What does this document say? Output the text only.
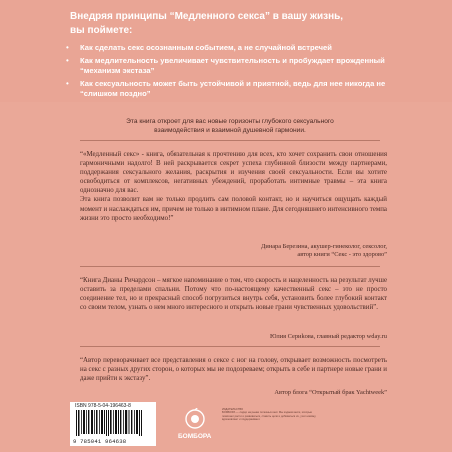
Внедряя принципы “Медленного секса” в вашу жизнь,
вы поймете:
•	Как сделать секс осознанным событием, а не случайной встречей
•	Как медлительность увеличивает чувствительность и пробуждает врожденный “механизм экстаза”
•	Как сексуальность может быть устойчивой и приятной, ведь для нее никогда не “слишком поздно”
Эта книга откроет для вас новые горизонты глубокого сексуального
взаимодействия и взаимной душевной гармонии.

“«Медленный секс» - книга, обязательная к прочтению для всех, кто хочет сохранить свои отношения гармоничными надолго! В ней раскрывается секрет успеха глубинной близости между партнерами, поддержания сексуального желания, раскрытия и изучения своей сексуальности. Если вы хотите освободиться от комплексов, негативных убеждений, проработать интимные травмы – эта книга однозначно для вас.

Эта книга позволит вам не только продлить сам половой контакт, но и научиться ощущать каждый момент и наслаждаться им, причем не только в интимном плане. Для сегодняшнего интенсивного темпа жизни это просто необходимо!”

Динара Березина, акушер-гинеколог, сексолог,
автор книги “Секс - это здорово”

“Книга Дианы Ричардсон – мягкое напоминание о том, что скорость и нацеленность на результат лучше оставить за пределами спальни. Потому что по-настоящему качественный секс – это не просто соединение тел, но и прекрасный способ погрузиться внутрь себя, установить более глубокий контакт со своим телом, узнать о нем много интересного и открыть новые грани чувственных удовольствий”.

Юлия Сериkова, главный редактор wday.ru

“Автор переворачивает все представления о сексе с ног на голову, открывает возможность посмотреть на секс с разных других сторон, о которых мы не подозреваем; открыть в себе и партнере новые грани и даже прийти к экстазу”.

Автор блога “Открытый брак Yachtweek”
ISBN 978-5-04-196463-8
9 785041 964638
БОМБОРА
ИЗДАТЕЛЬСТВО
БОМБОРА — лидер на рынке полезных книг. Мы издаем книги, которые помогают расти и развиваться, ставить цели и добиваться их, учат новому, вдохновляют и поддерживают.
